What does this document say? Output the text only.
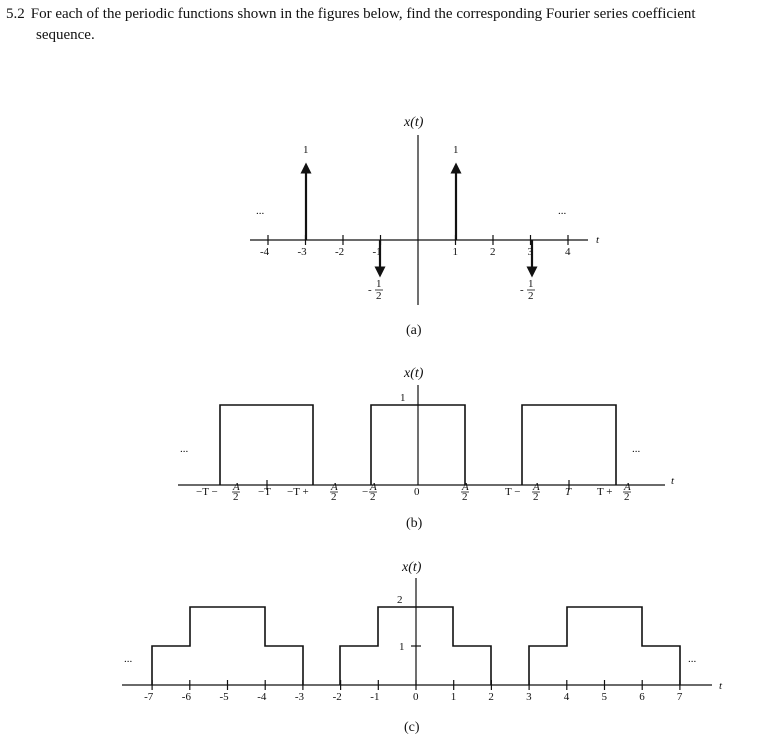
5.2 For each of the periodic functions shown in the figures below, find the corresponding Fourier series coefficient
sequence.
x(t)
t
-4	-3	-2	-1	1	2	3	4
1	1
- 1
2	- 1
2
...	...
(a)
x(t)
t
1
−T − A
2 −T −T + A
2 − A
2	0	A
2	T − A
2 T T + A
2
...	...
(b)
x(t)
t
2
1
-7	-6	-5	-4	-3	-2	-1	0	1	2	3	4	5	6	7
...	...
(c)
